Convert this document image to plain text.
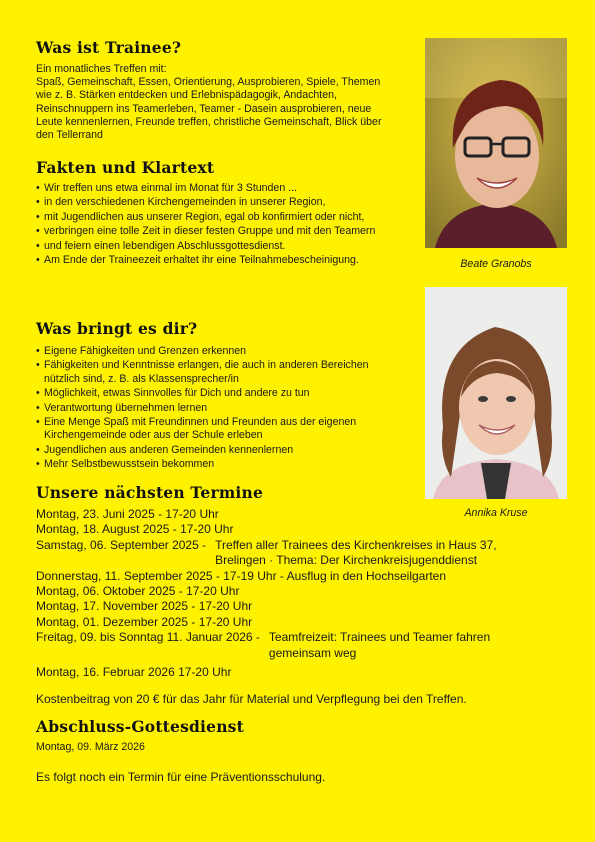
Was ist Trainee?
Ein monatliches Treffen mit:
Spaß, Gemeinschaft, Essen, Orientierung, Ausprobieren, Spiele, Themen wie z. B. Stärken entdecken und Erlebnispädagogik, Andachten, Reinschnuppern ins Teamerleben, Teamer - Dasein ausprobieren, neue Leute kennenlernen, Freunde treffen, christliche Gemeinschaft, Blick über den Tellerrand
Fakten und Klartext
• Wir treffen uns etwa einmal im Monat für 3 Stunden ...
• in den verschiedenen Kirchengemeinden in unserer Region,
• mit Jugendlichen aus unserer Region, egal ob konfirmiert oder nicht,
• verbringen eine tolle Zeit in dieser festen Gruppe und mit den Teamern
• und feiern einen lebendigen Abschlussgottesdienst.
• Am Ende der Traineezeit erhaltet ihr eine Teilnahmebescheinigung.
Was bringt es dir?
• Eigene Fähigkeiten und Grenzen erkennen
• Fähigkeiten und Kenntnisse erlangen, die auch in anderen Bereichen nützlich sind, z. B. als Klassensprecher/in
• Möglichkeit, etwas Sinnvolles für Dich und andere zu tun
• Verantwortung übernehmen lernen
• Eine Menge Spaß mit Freundinnen und Freunden aus der eigenen Kirchengemeinde oder aus der Schule erleben
• Jugendlichen aus anderen Gemeinden kennenlernen
• Mehr Selbstbewusstsein bekommen
Unsere nächsten Termine
Montag, 23. Juni 2025 - 17-20 Uhr
Montag, 18. August 2025 - 17-20 Uhr
Samstag, 06. September 2025 - Treffen aller Trainees des Kirchenkreises in Haus 37, Brelingen · Thema: Der Kirchenkreisjugenddienst
Donnerstag, 11. September 2025 - 17-19 Uhr - Ausflug in den Hochseilgarten
Montag, 06. Oktober 2025 - 17-20 Uhr
Montag, 17. November 2025 - 17-20 Uhr
Montag, 01. Dezember 2025 - 17-20 Uhr
Freitag, 09. bis Sonntag 11. Januar 2026 - Teamfreizeit: Trainees und Teamer fahren gemeinsam weg
Montag, 16. Februar 2026 17-20 Uhr
Kostenbeitrag von 20 € für das Jahr für Material und Verpflegung bei den Treffen.
Abschluss-Gottesdienst
Montag, 09. März 2026
Es folgt noch ein Termin für eine Präventionsschulung.
Beate Granobs
Annika Kruse
